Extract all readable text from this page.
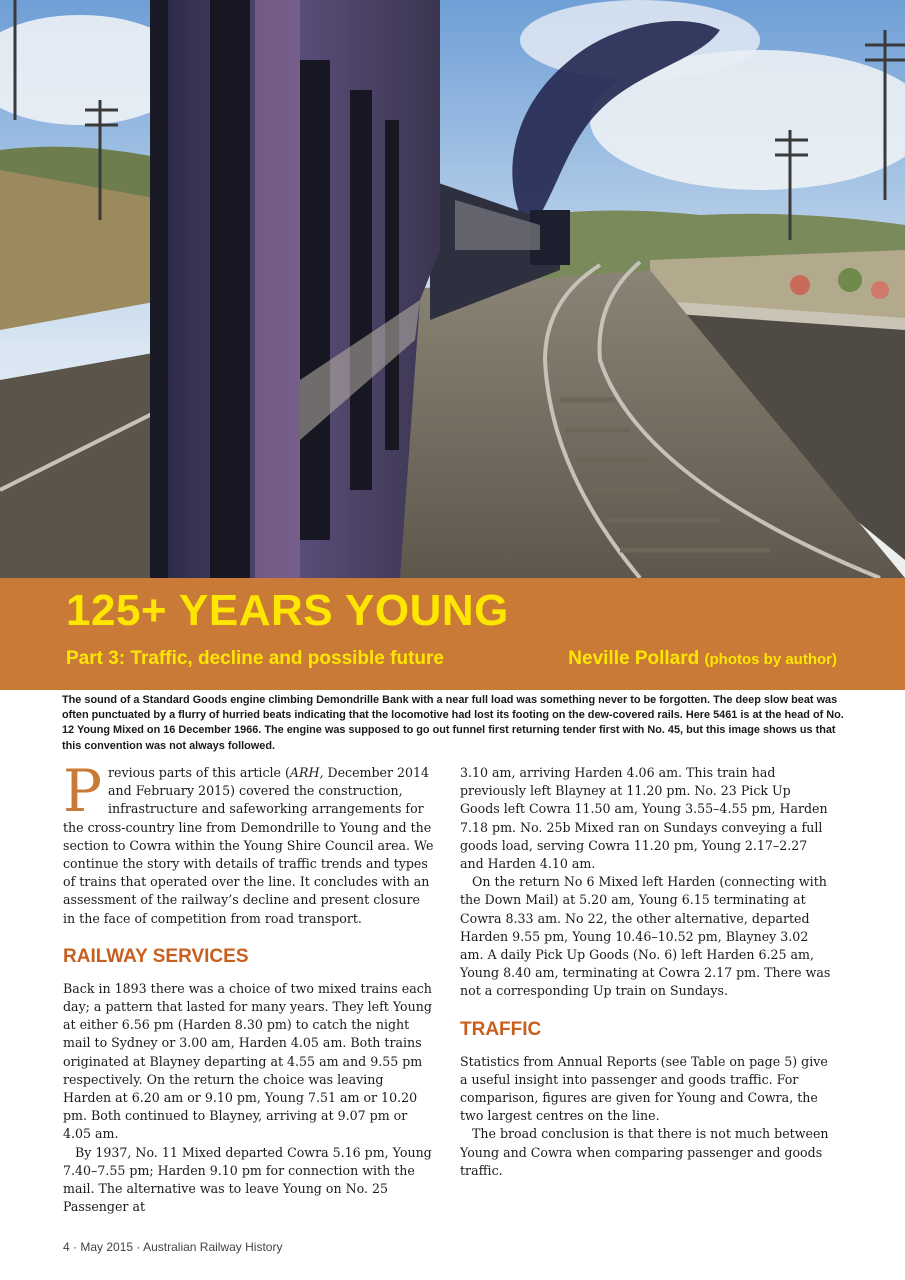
125+ YEARS YOUNG

Part 3: Traffic, decline and possible future	Neville Pollard (photos by author)

The sound of a Standard Goods engine climbing Demondrille Bank with a near full load was something never to be forgotten. The deep slow beat was often punctuated by a flurry of hurried beats indicating that the locomotive had lost its footing on the dew-covered rails. Here 5461 is at the head of No. 12 Young Mixed on 16 December 1966. The engine was supposed to go out funnel first returning tender first with No. 45, but this image shows us that this convention was not always followed.

Previous parts of this article (ARH, December 2014 and February 2015) covered the construction, infrastructure and safeworking arrangements for the cross-country line from Demondrille to Young and the section to Cowra within the Young Shire Council area. We continue the story with details of traffic trends and types of trains that operated over the line. It concludes with an assessment of the railway’s decline and present closure in the face of competition from road transport.

RAILWAY SERVICES

Back in 1893 there was a choice of two mixed trains each day; a pattern that lasted for many years. They left Young at either 6.56 pm (Harden 8.30 pm) to catch the night mail to Sydney or 3.00 am, Harden 4.05 am. Both trains originated at Blayney departing at 4.55 am and 9.55 pm respectively. On the return the choice was leaving Harden at 6.20 am or 9.10 pm, Young 7.51 am or 10.20 pm. Both continued to Blayney, arriving at 9.07 pm or 4.05 am.

By 1937, No. 11 Mixed departed Cowra 5.16 pm, Young 7.40–7.55 pm; Harden 9.10 pm for connection with the mail. The alternative was to leave Young on No. 25 Passenger at

3.10 am, arriving Harden 4.06 am. This train had previously left Blayney at 11.20 pm. No. 23 Pick Up Goods left Cowra 11.50 am, Young 3.55–4.55 pm, Harden 7.18 pm. No. 25b Mixed ran on Sundays conveying a full goods load, serving Cowra 11.20 pm, Young 2.17–2.27 and Harden 4.10 am.

On the return No 6 Mixed left Harden (connecting with the Down Mail) at 5.20 am, Young 6.15 terminating at Cowra 8.33 am. No 22, the other alternative, departed Harden 9.55 pm, Young 10.46–10.52 pm, Blayney 3.02 am. A daily Pick Up Goods (No. 6) left Harden 6.25 am, Young 8.40 am, terminating at Cowra 2.17 pm. There was not a corresponding Up train on Sundays.

TRAFFIC

Statistics from Annual Reports (see Table on page 5) give a useful insight into passenger and goods traffic. For comparison, figures are given for Young and Cowra, the two largest centres on the line.

The broad conclusion is that there is not much between Young and Cowra when comparing passenger and goods traffic.

4 · May 2015 · Australian Railway History
